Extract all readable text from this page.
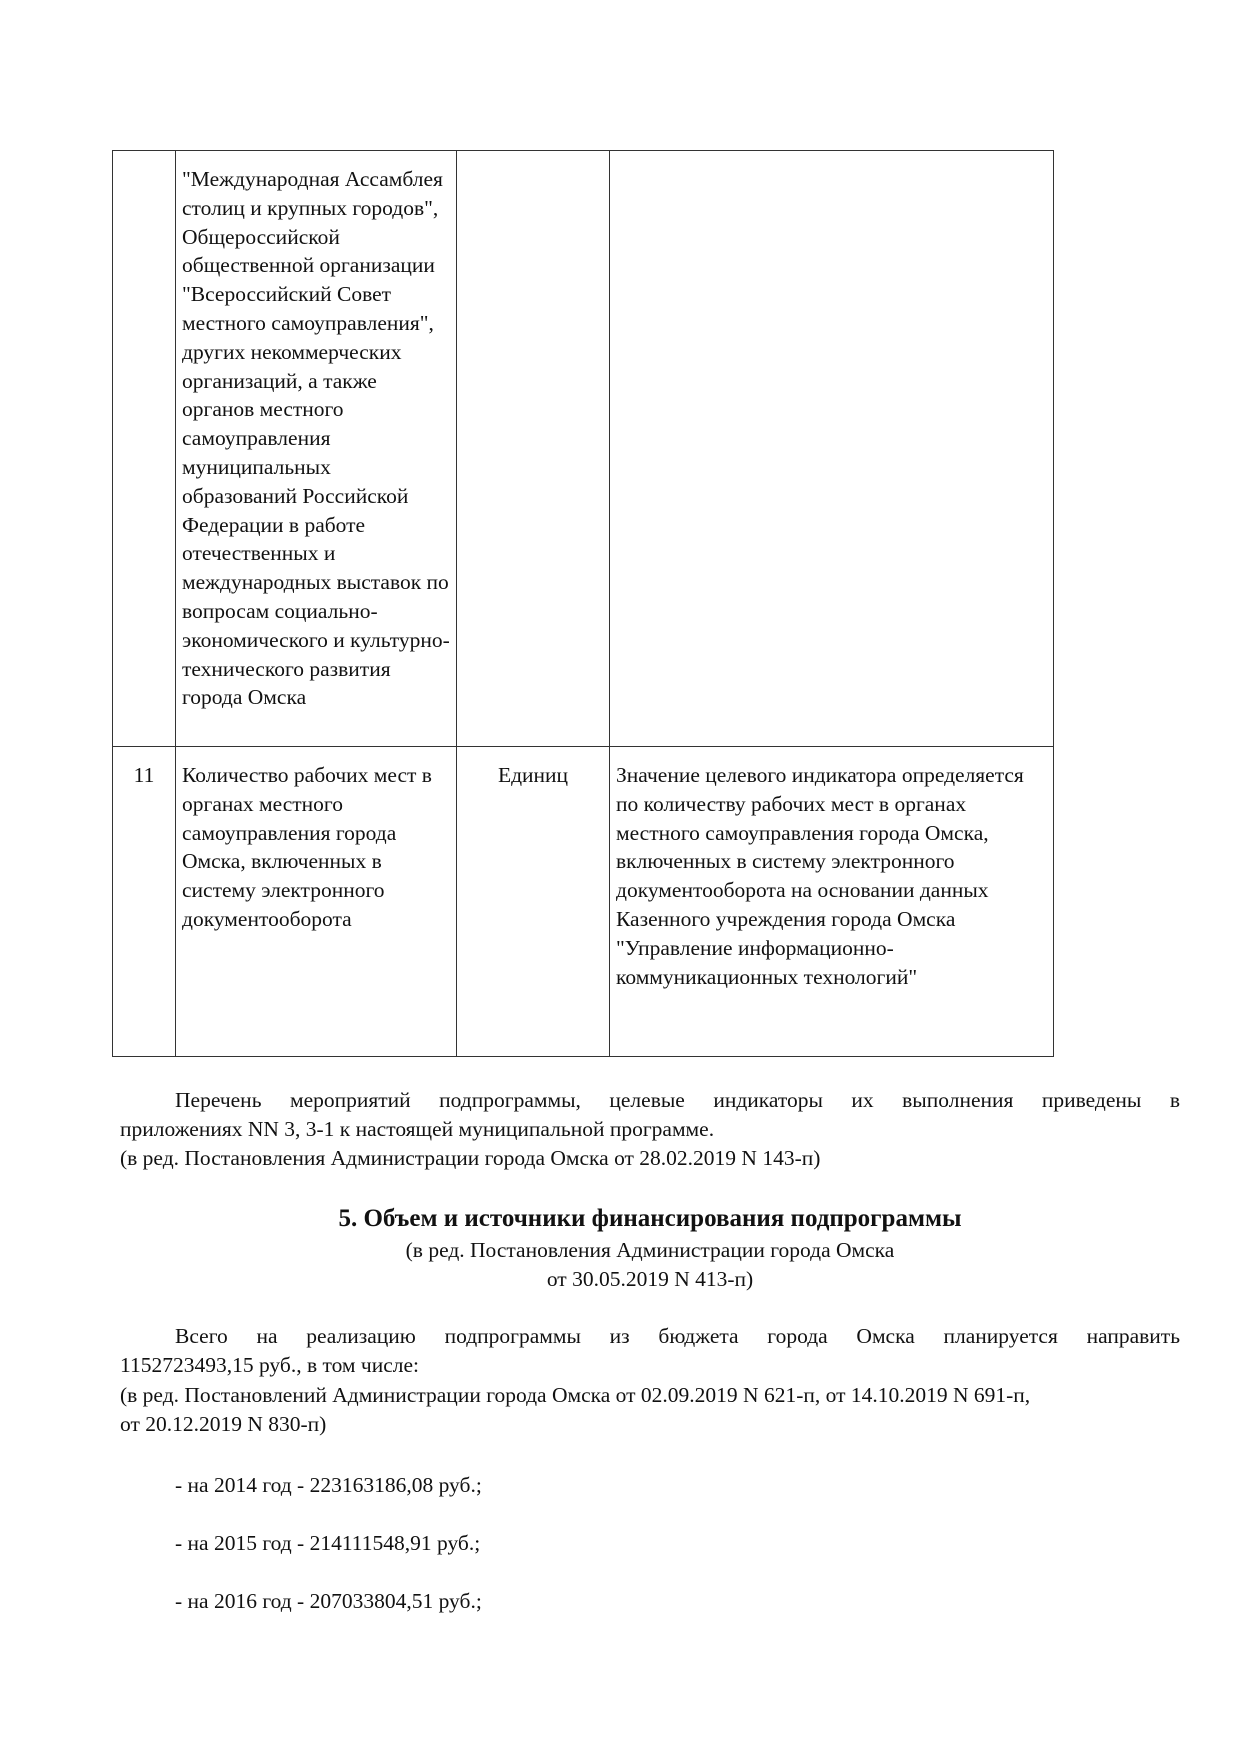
	"Международная Ассамблея столиц и крупных городов", Общероссийской общественной организации "Всероссийский Совет местного самоуправления", других некоммерческих организаций, а также органов местного самоуправления муниципальных образований Российской Федерации в работе отечественных и международных выставок по вопросам социально-экономического и культурно-технического развития города Омска		
11	Количество рабочих мест в органах местного самоуправления города Омска, включенных в систему электронного документооборота	Единиц	Значение целевого индикатора определяется по количеству рабочих мест в органах местного самоуправления города Омска, включенных в систему электронного документооборота на основании данных Казенного учреждения города Омска "Управление информационно-коммуникационных технологий"
Перечень мероприятий подпрограммы, целевые индикаторы их выполнения приведены в
приложениях NN 3, 3-1 к настоящей муниципальной программе.
(в ред. Постановления Администрации города Омска от 28.02.2019 N 143-п)
5. Объем и источники финансирования подпрограммы
(в ред. Постановления Администрации города Омска
от 30.05.2019 N 413-п)
Всего на реализацию подпрограммы из бюджета города Омска планируется направить
1152723493,15 руб., в том числе:
(в ред. Постановлений Администрации города Омска от 02.09.2019 N 621-п, от 14.10.2019 N 691-п,
от 20.12.2019 N 830-п)
- на 2014 год - 223163186,08 руб.;
- на 2015 год - 214111548,91 руб.;
- на 2016 год - 207033804,51 руб.;
